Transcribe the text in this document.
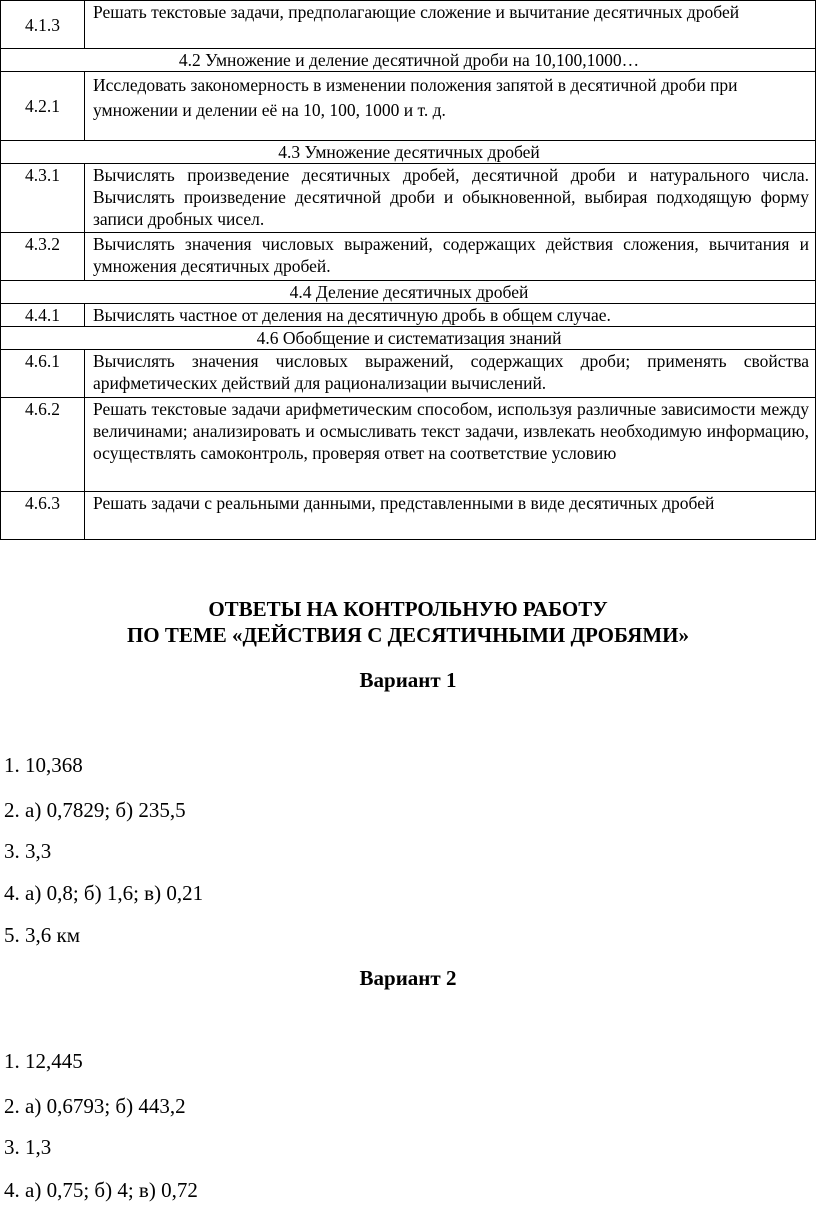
4.1.3	Решать текстовые задачи, предполагающие сложение и вычитание десятичных дробей
4.2 Умножение и деление десятичной дроби на 10,100,1000…	
4.2.1	Исследовать закономерность в изменении положения запятой в десятичной дроби при умножении и делении её на 10, 100, 1000 и т. д.
4.3 Умножение десятичных дробей	
4.3.1	Вычислять произведение десятичных дробей, десятичной дроби и натурального числа. Вычислять произведение десятичной дроби и обыкновенной, выбирая подходящую форму записи дробных чисел.
4.3.2	Вычислять значения числовых выражений, содержащих действия сложения, вычитания и умножения десятичных дробей.
4.4 Деление десятичных дробей	
4.4.1	Вычислять частное от деления на десятичную дробь в общем случае.
4.6 Обобщение и систематизация знаний	
4.6.1	Вычислять значения числовых выражений, содержащих дроби; применять свойства арифметических действий для рационализации вычислений.
4.6.2	Решать текстовые задачи арифметическим способом, используя различные зависимости между величинами; анализировать и осмысливать текст задачи, извлекать необходимую информацию, осуществлять самоконтроль, проверяя ответ на соответствие условию
4.6.3	Решать задачи с реальными данными, представленными в виде десятичных дробей

ОТВЕТЫ НА КОНТРОЛЬНУЮ РАБОТУ

ПО ТЕМЕ «ДЕЙСТВИЯ С ДЕСЯТИЧНЫМИ ДРОБЯМИ»

Вариант 1

1. 10,368

2. а) 0,7829; б) 235,5

3. 3,3

4. а) 0,8; б) 1,6; в) 0,21

5. 3,6 км

Вариант 2

1. 12,445

2. а) 0,6793; б) 443,2

3. 1,3

4. а) 0,75; б) 4; в) 0,72
